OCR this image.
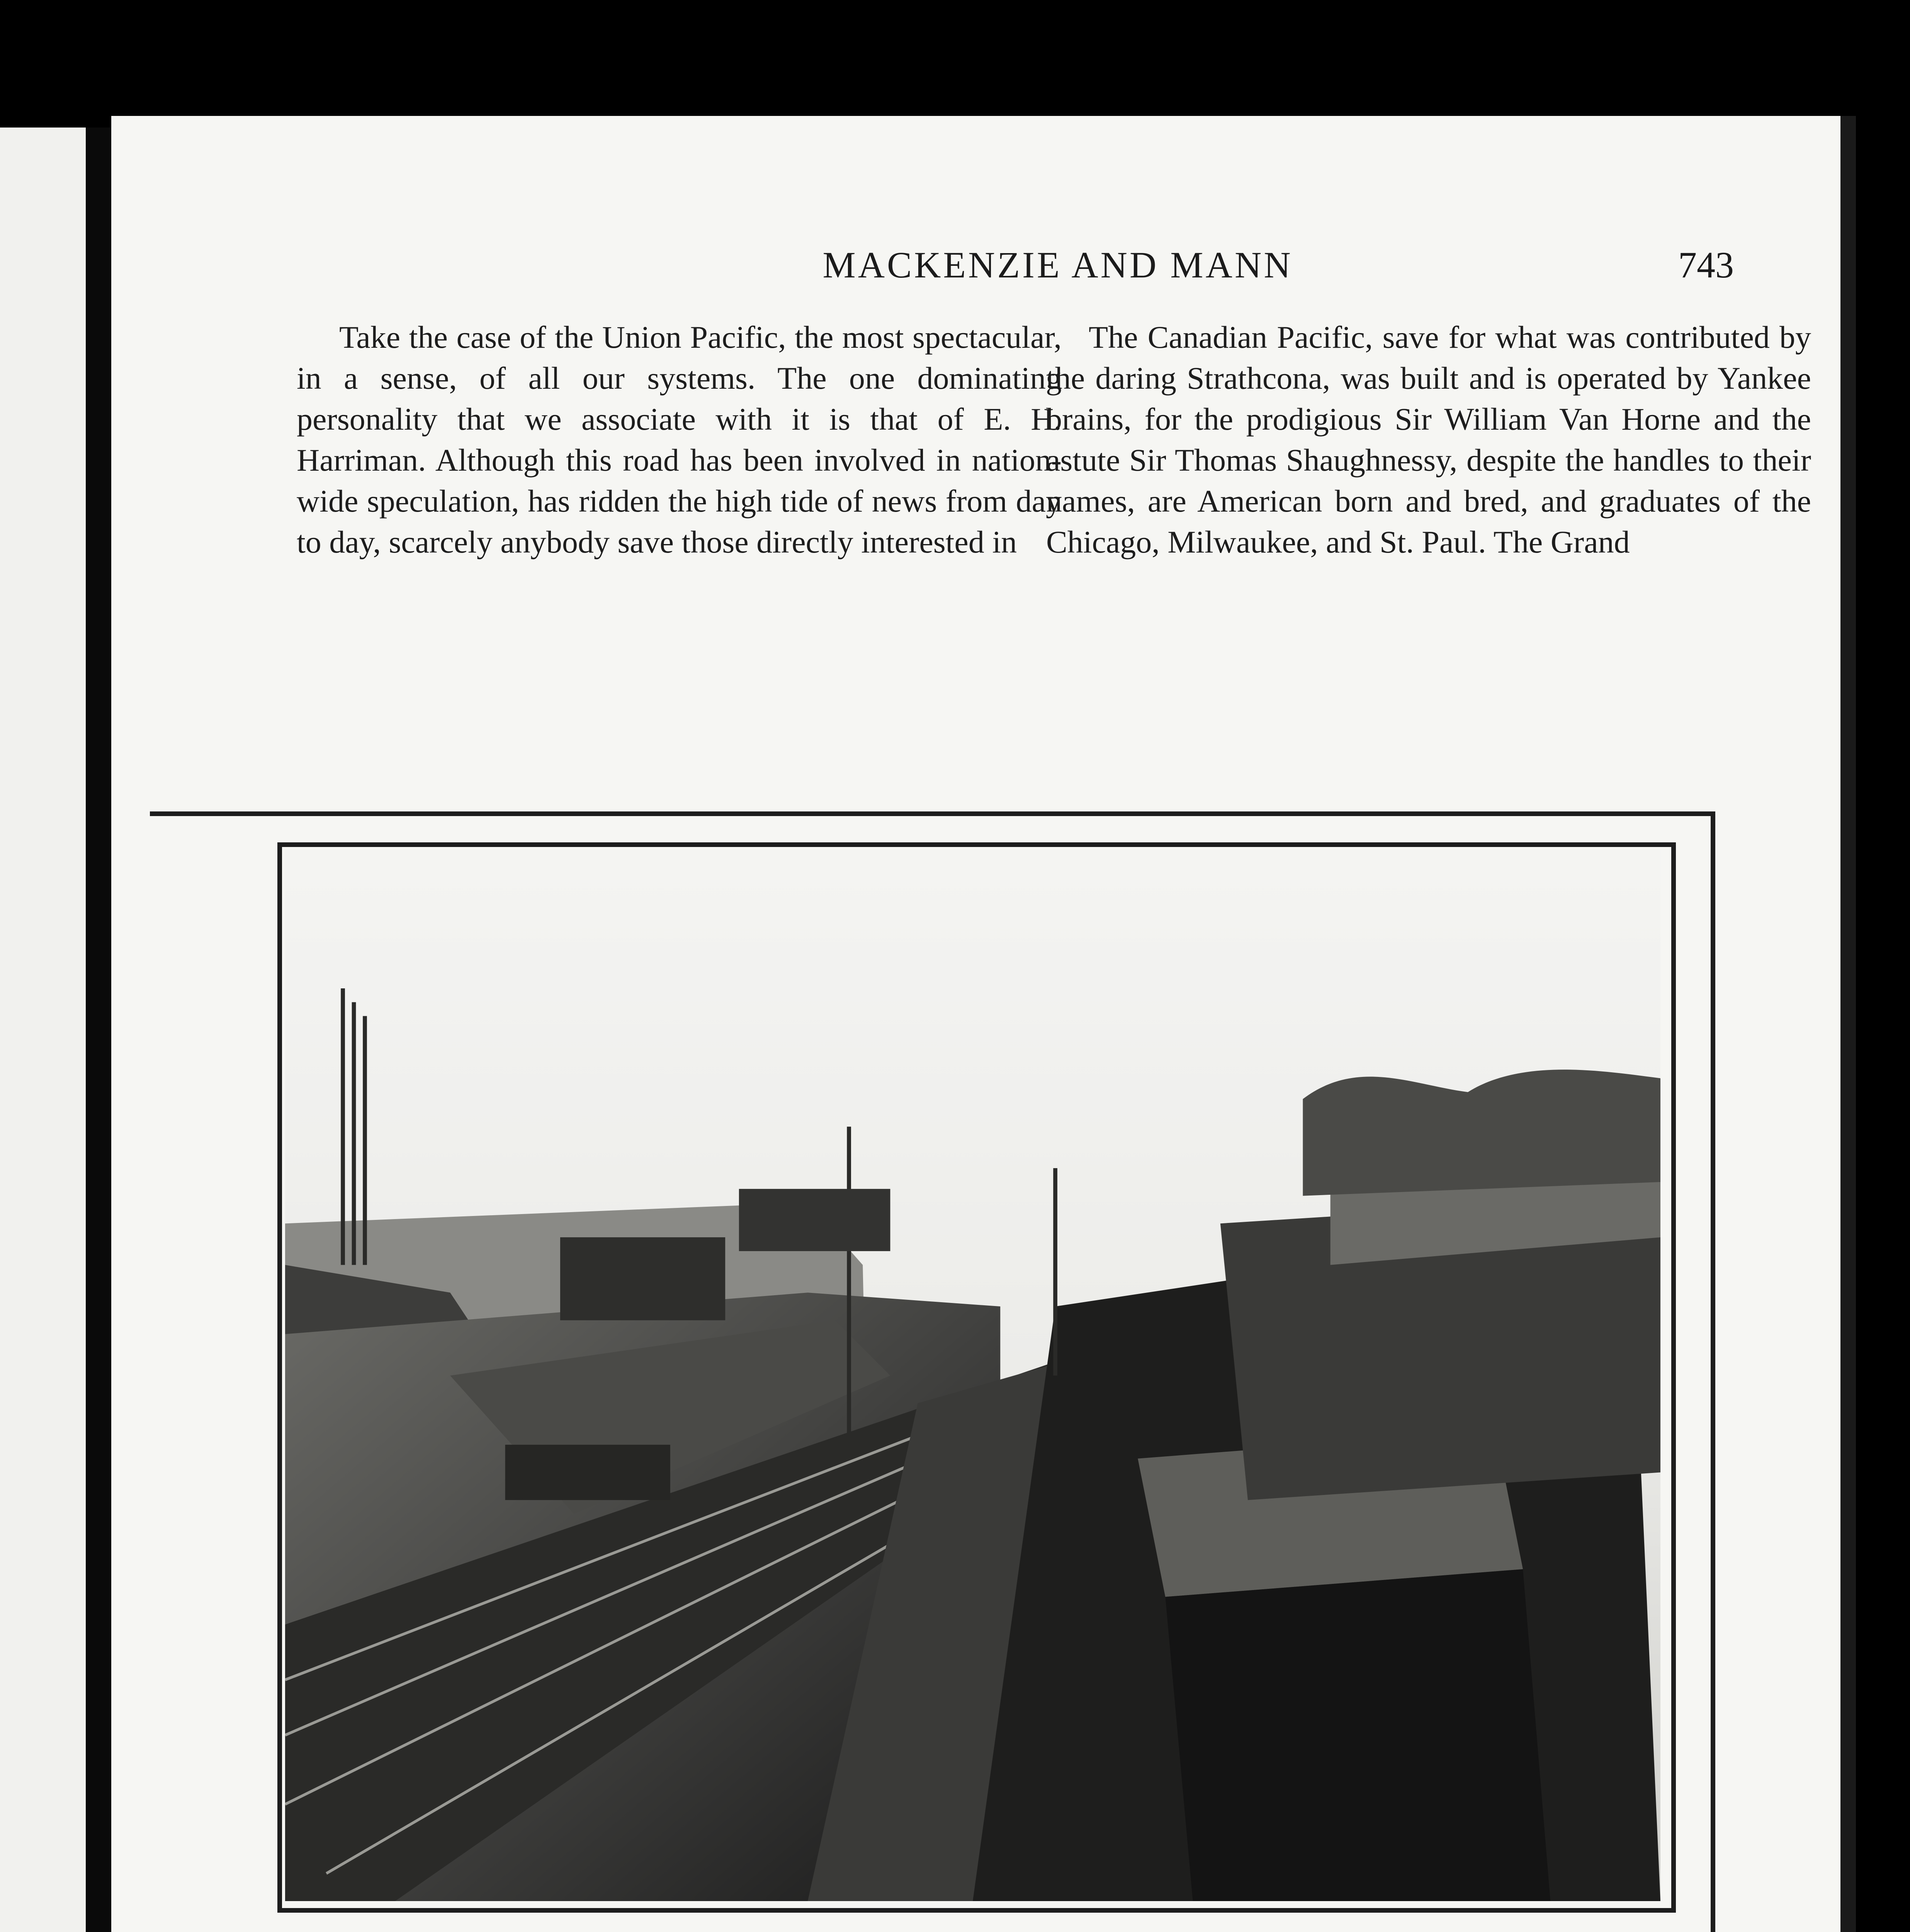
MACKENZIE AND MANN	743

Take the case of the Union Pacific, the most spectacular, in a sense, of all our systems. The one dominating personality that we associate with it is that of E. H. Harriman. Although this road has been involved in nation-wide speculation, has ridden the high tide of news from day to day, scarcely anybody save those directly interested in

The Canadian Pacific, save for what was contributed by the daring Strathcona, was built and is operated by Yankee brains, for the prodigious Sir William Van Horne and the astute Sir Thomas Shaughnessy, despite the handles to their names, are American born and bred, and graduates of the Chicago, Milwaukee, and St. Paul. The Grand
